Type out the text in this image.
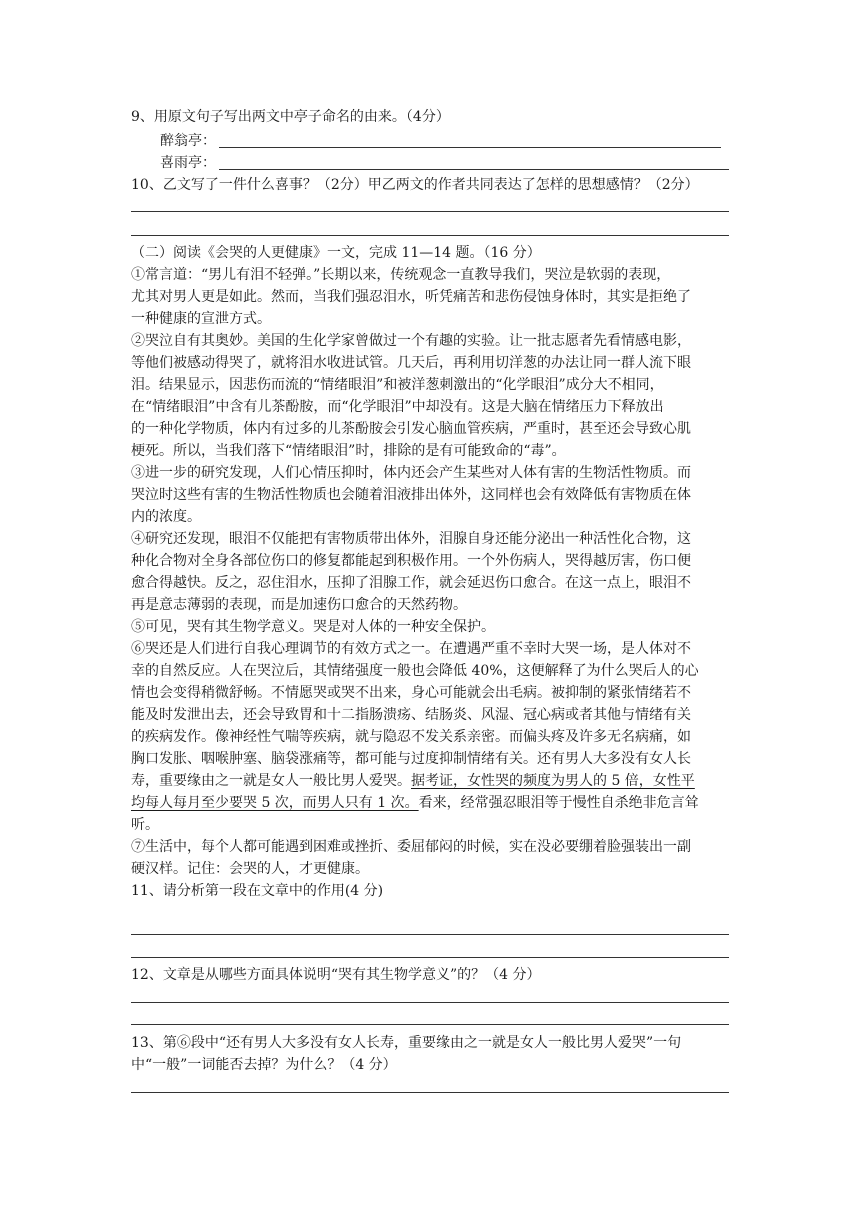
9、用原文句子写出两文中亭子命名的由来。（4分）
醉翁亭：
喜雨亭：
10、乙文写了一件什么喜事？（2分）甲乙两文的作者共同表达了怎样的思想感情？（2分）
（二）阅读《会哭的人更健康》一文，完成 11—14 题。（16 分）
①常言道：“男儿有泪不轻弹。”长期以来，传统观念一直教导我们，哭泣是软弱的表现，
尤其对男人更是如此。然而，当我们强忍泪水，听凭痛苦和悲伤侵蚀身体时，其实是拒绝了
一种健康的宣泄方式。
②哭泣自有其奥妙。美国的生化学家曾做过一个有趣的实验。让一批志愿者先看情感电影，
等他们被感动得哭了，就将泪水收进试管。几天后，再利用切洋葱的办法让同一群人流下眼
泪。结果显示，因悲伤而流的“情绪眼泪”和被洋葱刺激出的“化学眼泪”成分大不相同，
在“情绪眼泪”中含有儿茶酚胺，而“化学眼泪”中却没有。这是大脑在情绪压力下释放出
的一种化学物质，体内有过多的儿茶酚胺会引发心脑血管疾病，严重时，甚至还会导致心肌
梗死。所以，当我们落下“情绪眼泪”时，排除的是有可能致命的“毒”。
③进一步的研究发现，人们心情压抑时，体内还会产生某些对人体有害的生物活性物质。而
哭泣时这些有害的生物活性物质也会随着泪液排出体外，这同样也会有效降低有害物质在体
内的浓度。
④研究还发现，眼泪不仅能把有害物质带出体外，泪腺自身还能分泌出一种活性化合物，这
种化合物对全身各部位伤口的修复都能起到积极作用。一个外伤病人，哭得越厉害，伤口便
愈合得越快。反之，忍住泪水，压抑了泪腺工作，就会延迟伤口愈合。在这一点上，眼泪不
再是意志薄弱的表现，而是加速伤口愈合的天然药物。
⑤可见，哭有其生物学意义。哭是对人体的一种安全保护。
⑥哭还是人们进行自我心理调节的有效方式之一。在遭遇严重不幸时大哭一场，是人体对不
幸的自然反应。人在哭泣后，其情绪强度一般也会降低 40%，这便解释了为什么哭后人的心
情也会变得稍微舒畅。不情愿哭或哭不出来，身心可能就会出毛病。被抑制的紧张情绪若不
能及时发泄出去，还会导致胃和十二指肠溃疡、结肠炎、风湿、冠心病或者其他与情绪有关
的疾病发作。像神经性气喘等疾病，就与隐忍不发关系亲密。而偏头疼及许多无名病痛，如
胸口发胀、咽喉肿塞、脑袋涨痛等，都可能与过度抑制情绪有关。还有男人大多没有女人长
寿，重要缘由之一就是女人一般比男人爱哭。据考证，女性哭的频度为男人的 5 倍，女性平
均每人每月至少要哭 5 次，而男人只有 1 次。看来，经常强忍眼泪等于慢性自杀绝非危言耸
听。
⑦生活中，每个人都可能遇到困难或挫折、委屈郁闷的时候，实在没必要绷着脸强装出一副
硬汉样。记住：会哭的人，才更健康。
11、请分析第一段在文章中的作用(4 分)
12、文章是从哪些方面具体说明“哭有其生物学意义”的？（4 分）
13、第⑥段中“还有男人大多没有女人长寿，重要缘由之一就是女人一般比男人爱哭”一句
中“一般”一词能否去掉？为什么？（4 分）
